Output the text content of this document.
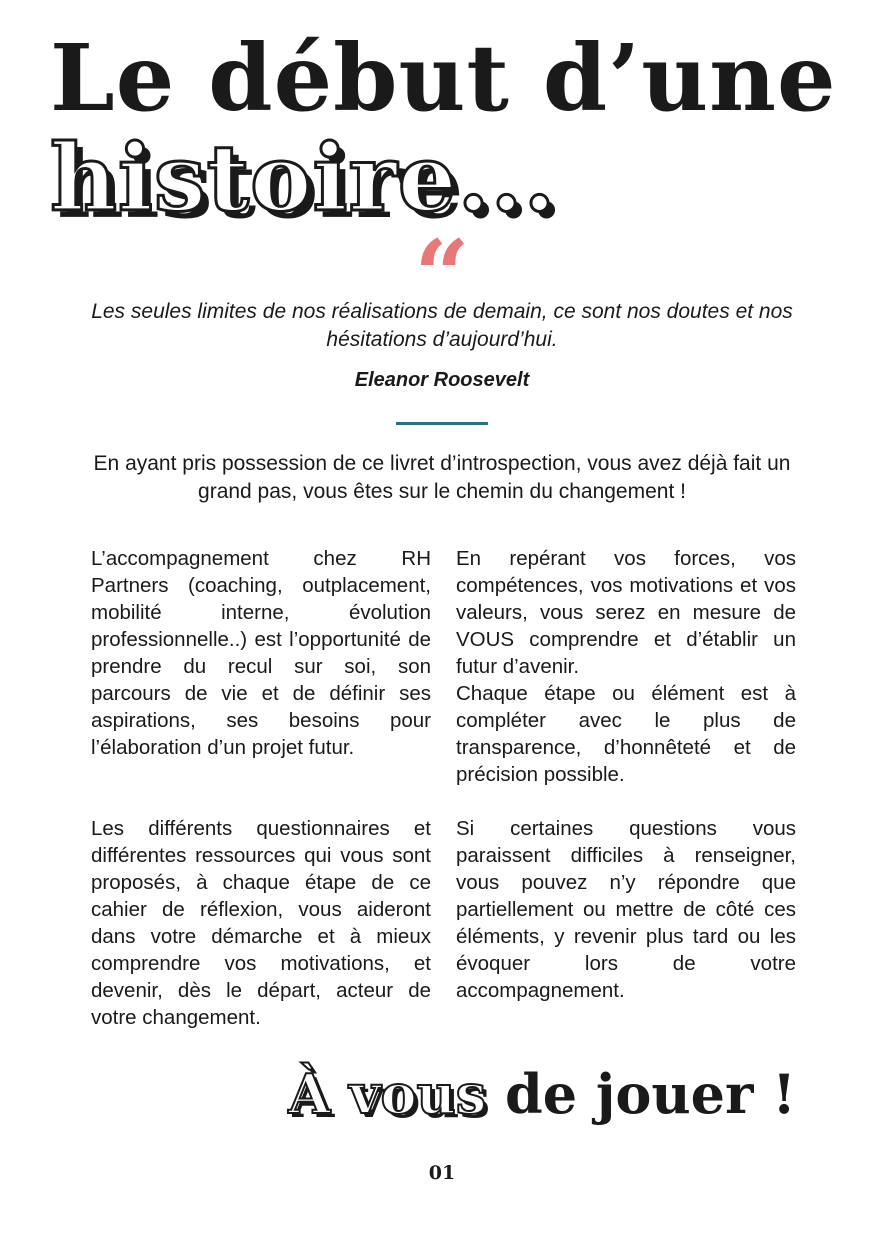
Le début d’une
histoire...
“
Les seules limites de nos réalisations de demain, ce sont nos doutes et nos hésitations d’aujourd’hui.
Eleanor Roosevelt
En ayant pris possession de ce livret d’introspection, vous avez déjà fait un grand pas, vous êtes sur le chemin du changement !

L’accompagnement chez RH Partners (coaching, outplacement, mobilité interne, évolution professionnelle..) est l’opportunité de prendre du recul sur soi, son parcours de vie et de définir ses aspirations, ses besoins pour l’élaboration d’un projet futur.

En repérant vos forces, vos compétences, vos motivations et vos valeurs, vous serez en mesure de VOUS comprendre et d’établir un futur d’avenir.

Chaque étape ou élément est à compléter avec le plus de transparence, d’honnêteté et de précision possible.

Les différents questionnaires et différentes ressources qui vous sont proposés, à chaque étape de ce cahier de réflexion, vous aideront dans votre démarche et à mieux comprendre vos motivations, et devenir, dès le départ, acteur de votre changement.

Si certaines questions vous paraissent difficiles à renseigner, vous pouvez n’y répondre que partiellement ou mettre de côté ces éléments, y revenir plus tard ou les évoquer lors de votre accompagnement.

À vous de jouer !
01
